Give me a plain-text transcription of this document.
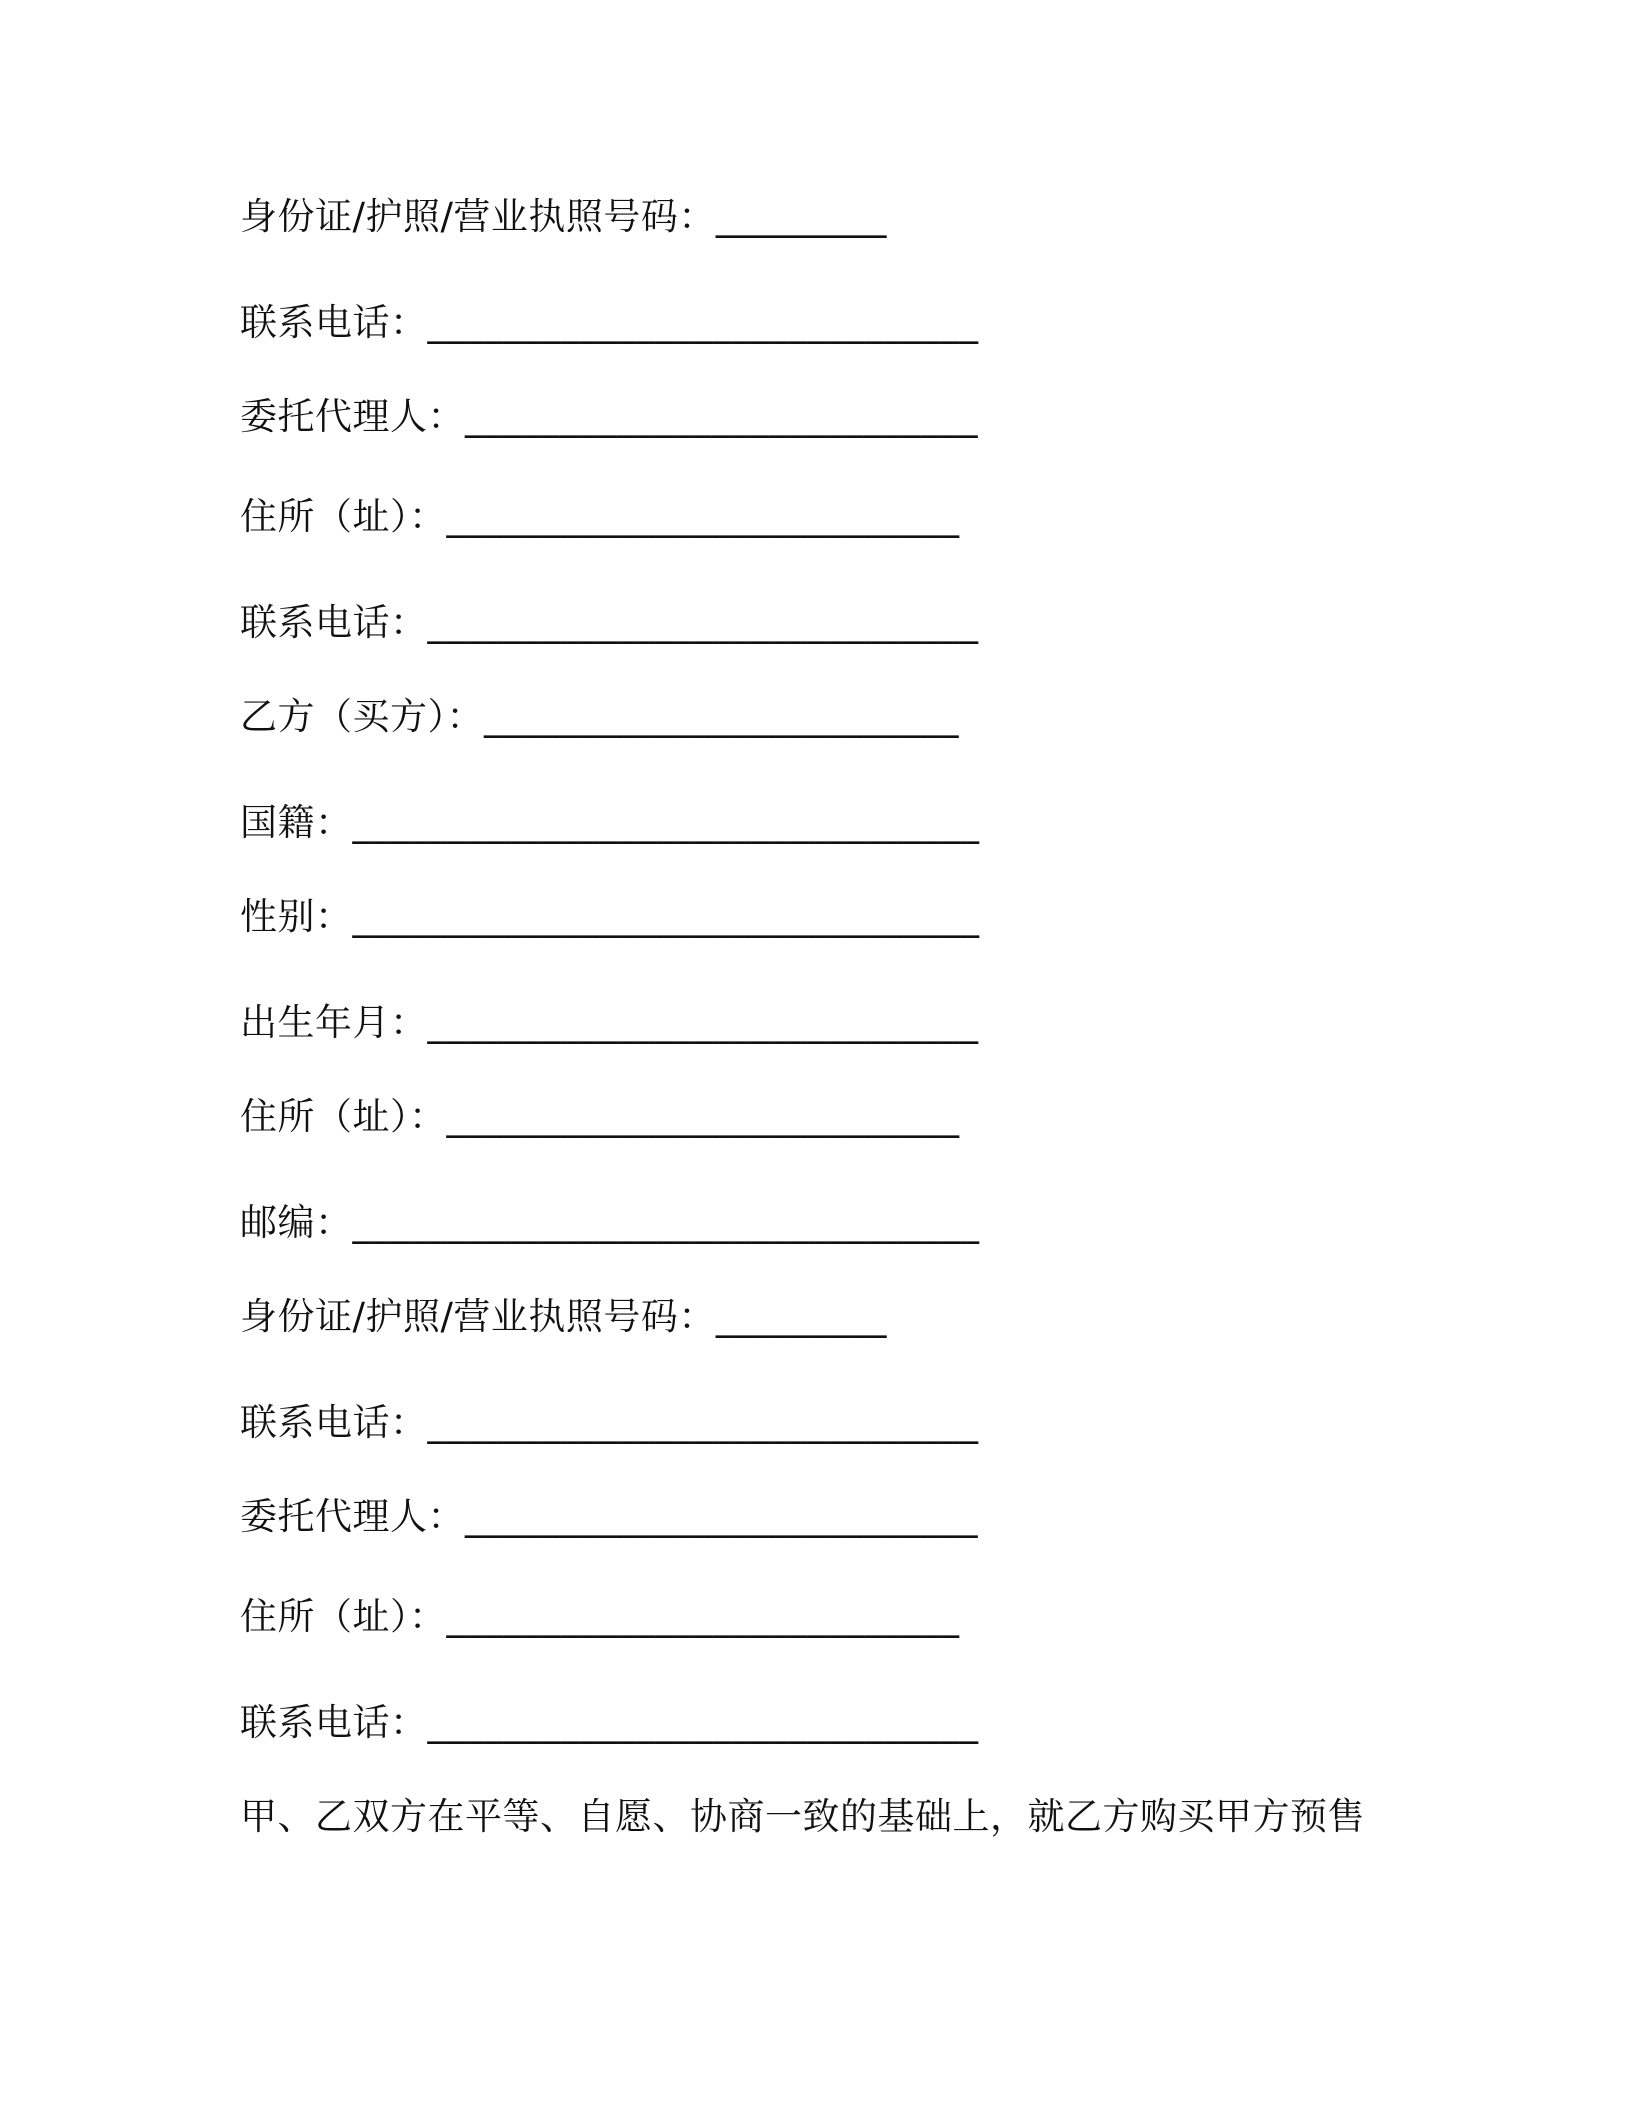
身份证/护照/营业执照号码：_________
联系电话：_____________________________
委托代理人：___________________________
住所（址）：___________________________
联系电话：_____________________________
乙方（买方）：_________________________
国籍：_________________________________
性别：_________________________________
出生年月：_____________________________
住所（址）：___________________________
邮编：_________________________________
身份证/护照/营业执照号码：_________
联系电话：_____________________________
委托代理人：___________________________
住所（址）：___________________________
联系电话：_____________________________
甲、乙双方在平等、自愿、协商一致的基础上，就乙方购买甲方预售
